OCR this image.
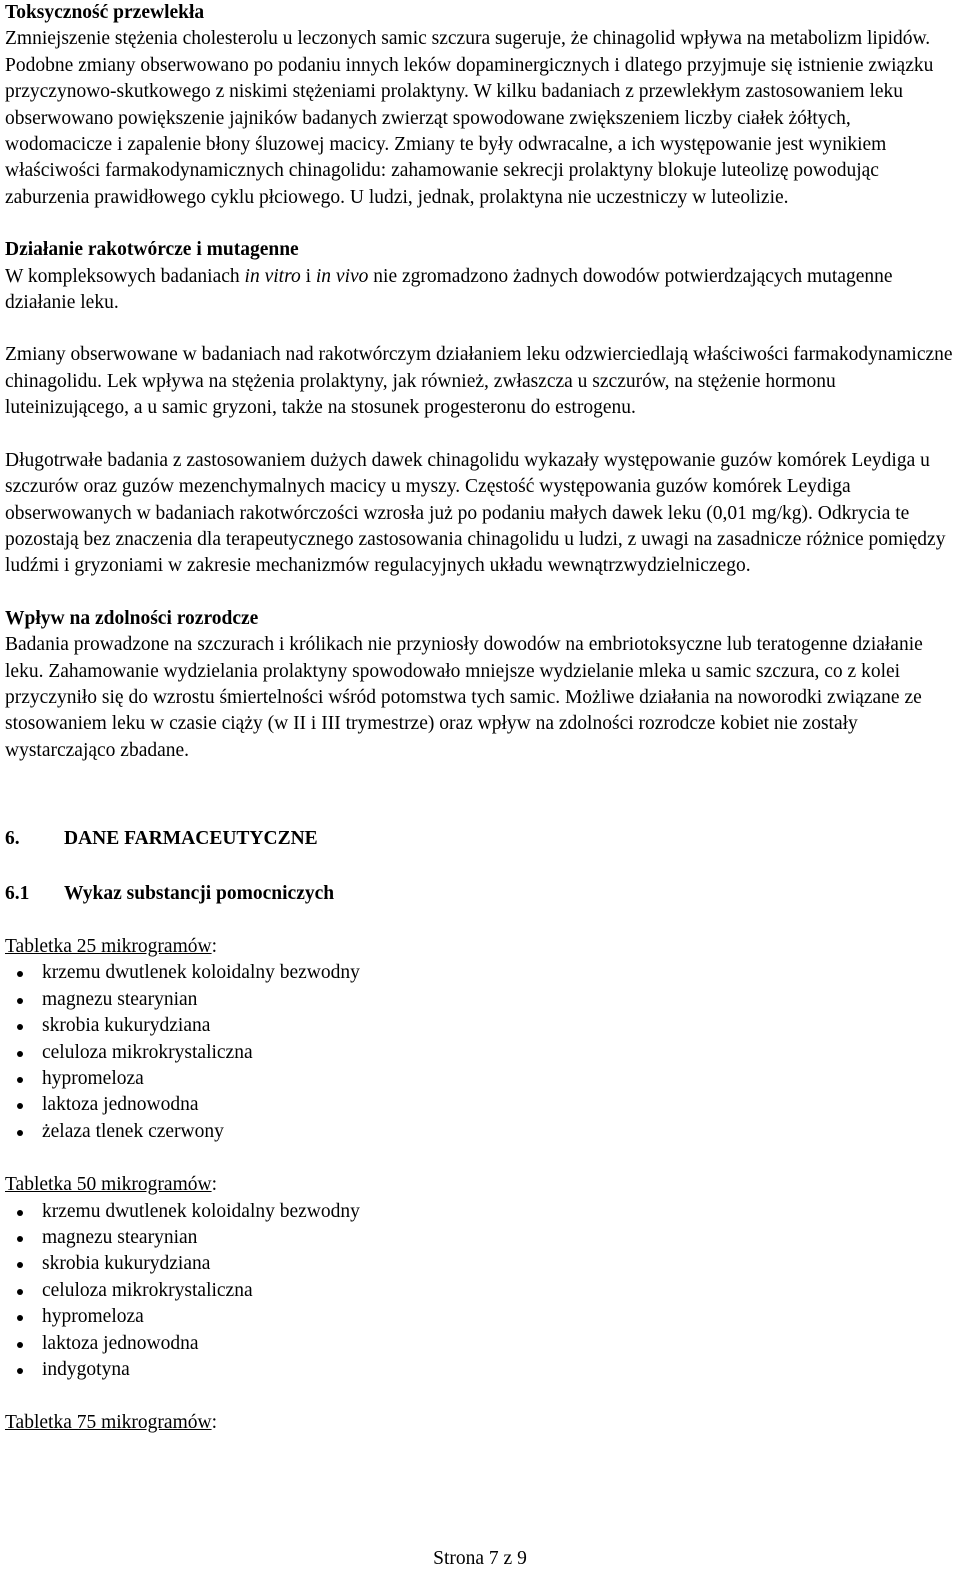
Toksyczność przewlekła

Zmniejszenie stężenia cholesterolu u leczonych samic szczura sugeruje, że chinagolid wpływa na metabolizm lipidów. Podobne zmiany obserwowano po podaniu innych leków dopaminergicznych i dlatego przyjmuje się istnienie związku przyczynowo-skutkowego z niskimi stężeniami prolaktyny. W kilku badaniach z przewlekłym zastosowaniem leku obserwowano powiększenie jajników badanych zwierząt spowodowane zwiększeniem liczby ciałek żółtych, wodomacicze i zapalenie błony śluzowej macicy. Zmiany te były odwracalne, a ich występowanie jest wynikiem właściwości farmakodynamicznych chinagolidu: zahamowanie sekrecji prolaktyny blokuje luteolizę powodując zaburzenia prawidłowego cyklu płciowego. U ludzi, jednak, prolaktyna nie uczestniczy w luteolizie.

Działanie rakotwórcze i mutagenne

W kompleksowych badaniach in vitro i in vivo nie zgromadzono żadnych dowodów potwierdzających mutagenne działanie leku.

Zmiany obserwowane w badaniach nad rakotwórczym działaniem leku odzwierciedlają właściwości farmakodynamiczne chinagolidu. Lek wpływa na stężenia prolaktyny, jak również, zwłaszcza u szczurów, na stężenie hormonu luteinizującego, a u samic gryzoni, także na stosunek progesteronu do estrogenu.

Długotrwałe badania z zastosowaniem dużych dawek chinagolidu wykazały występowanie guzów komórek Leydiga u szczurów oraz guzów mezenchymalnych macicy u myszy. Częstość występowania guzów komórek Leydiga obserwowanych w badaniach rakotwórczości wzrosła już po podaniu małych dawek leku (0,01 mg/kg). Odkrycia te pozostają bez znaczenia dla terapeutycznego zastosowania chinagolidu u ludzi, z uwagi na zasadnicze różnice pomiędzy ludźmi i gryzoniami w zakresie mechanizmów regulacyjnych układu wewnątrzwydzielniczego.

Wpływ na zdolności rozrodcze

Badania prowadzone na szczurach i królikach nie przyniosły dowodów na embriotoksyczne lub teratogenne działanie leku. Zahamowanie wydzielania prolaktyny spowodowało mniejsze wydzielanie mleka u samic szczura, co z kolei przyczyniło się do wzrostu śmiertelności wśród potomstwa tych samic. Możliwe działania na noworodki związane ze stosowaniem leku w czasie ciąży (w II i III trymestrze) oraz wpływ na zdolności rozrodcze kobiet nie zostały wystarczająco zbadane.

6. DANE FARMACEUTYCZNE

6.1 Wykaz substancji pomocniczych

Tabletka 25 mikrogramów:

krzemu dwutlenek koloidalny bezwodny
magnezu stearynian
skrobia kukurydziana
celuloza mikrokrystaliczna
hypromeloza
laktoza jednowodna
żelaza tlenek czerwony

Tabletka 50 mikrogramów:

krzemu dwutlenek koloidalny bezwodny
magnezu stearynian
skrobia kukurydziana
celuloza mikrokrystaliczna
hypromeloza
laktoza jednowodna
indygotyna

Tabletka 75 mikrogramów:

Strona 7 z 9
